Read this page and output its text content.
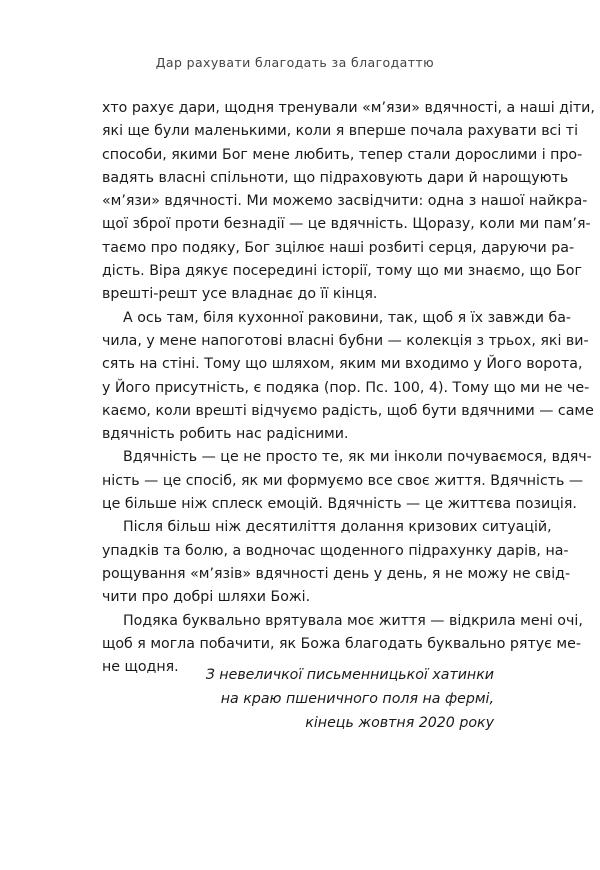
Дар рахувати благодать за благодаттю
хто рахує дари, щодня тренували «м’язи» вдячності, а наші діти,
які ще були маленькими, коли я вперше почала рахувати всі ті
способи, якими Бог мене любить, тепер стали дорослими і про-
вадять власні спільноти, що підраховують дари й нарощують
«м’язи» вдячності. Ми можемо засвідчити: одна з нашої найкра-
щої зброї проти безнадії — це вдячність. Щоразу, коли ми пам’я-
таємо про подяку, Бог зцілює наші розбиті серця, даруючи ра-
дість. Віра дякує посередині історії, тому що ми знаємо, що Бог
врешті-решт усе владнає до її кінця.
А ось там, біля кухонної раковини, так, щоб я їх завжди ба-
чила, у мене напоготові власні бубни — колекція з трьох, які ви-
сять на стіні. Тому що шляхом, яким ми входимо у Його ворота,
у Його присутність, є подяка (пор. Пс. 100, 4). Тому що ми не че-
каємо, коли врешті відчуємо радість, щоб бути вдячними — саме
вдячність робить нас радісними.
Вдячність — це не просто те, як ми інколи почуваємося, вдяч-
ність — це спосіб, як ми формуємо все своє життя. Вдячність —
це більше ніж сплеск емоцій. Вдячність — це життєва позиція.
Після більш ніж десятиліття долання кризових ситуацій,
упадків та болю, а водночас щоденного підрахунку дарів, на-
рощування «м’язів» вдячності день у день, я не можу не свід-
чити про добрі шляхи Божі.
Подяка буквально врятувала моє життя — відкрила мені очі,
щоб я могла побачити, як Божа благодать буквально рятує ме-
не щодня.	З невеличкої письменницької хатинки
на краю пшеничного поля на фермі,
кінець жовтня 2020 року
